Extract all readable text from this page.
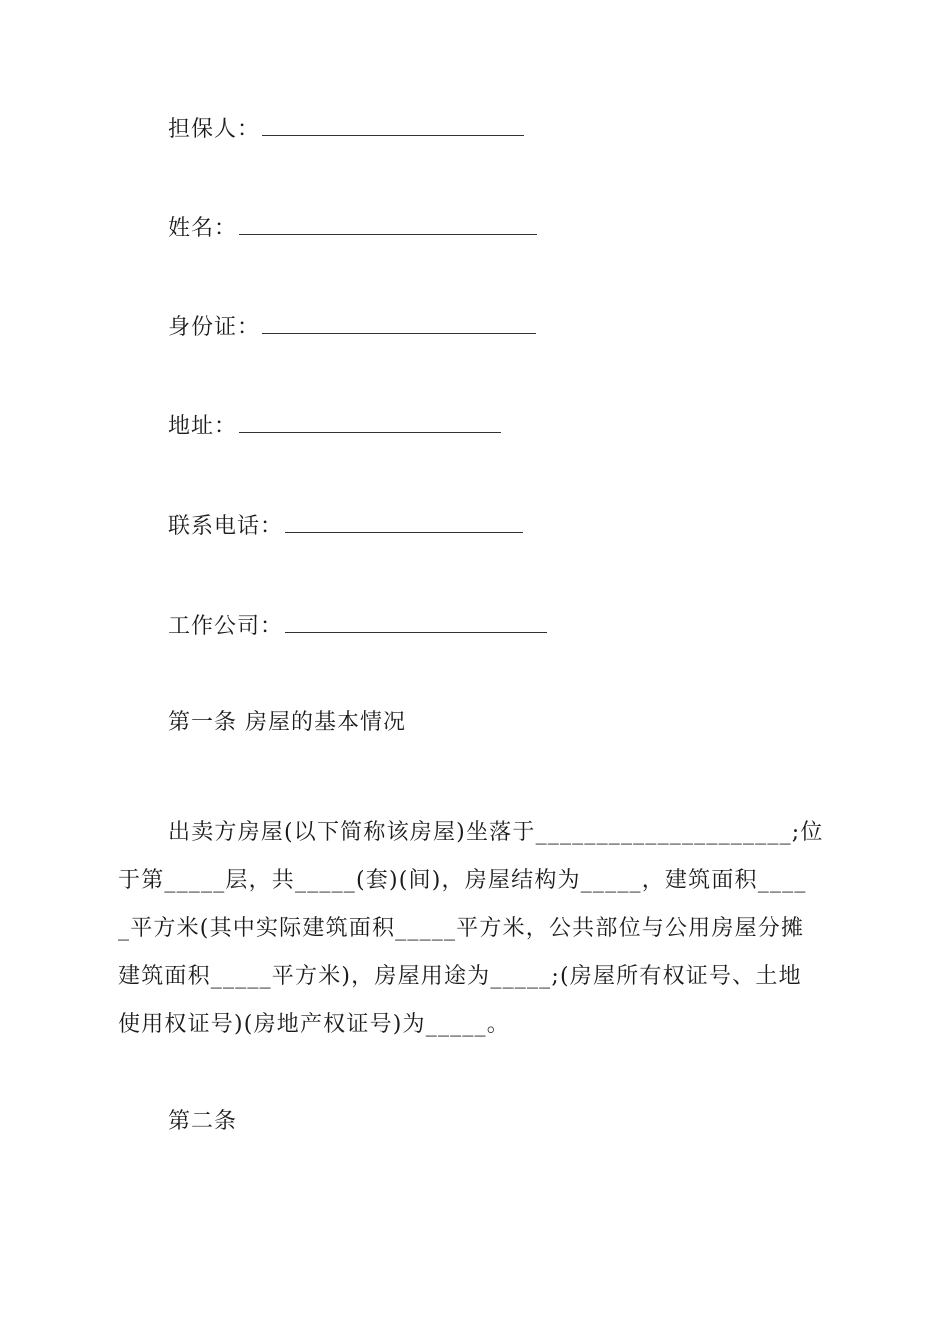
担保人：
姓名：
身份证：
地址：
联系电话：
工作公司：
第一条 房屋的基本情况
出卖方房屋(以下简称该房屋)坐落于_____________________;位
于第_____层，共_____(套)(间)，房屋结构为_____，建筑面积____
_平方米(其中实际建筑面积_____平方米，公共部位与公用房屋分摊
建筑面积_____平方米)，房屋用途为_____;(房屋所有权证号、土地
使用权证号)(房地产权证号)为_____。
第二条
